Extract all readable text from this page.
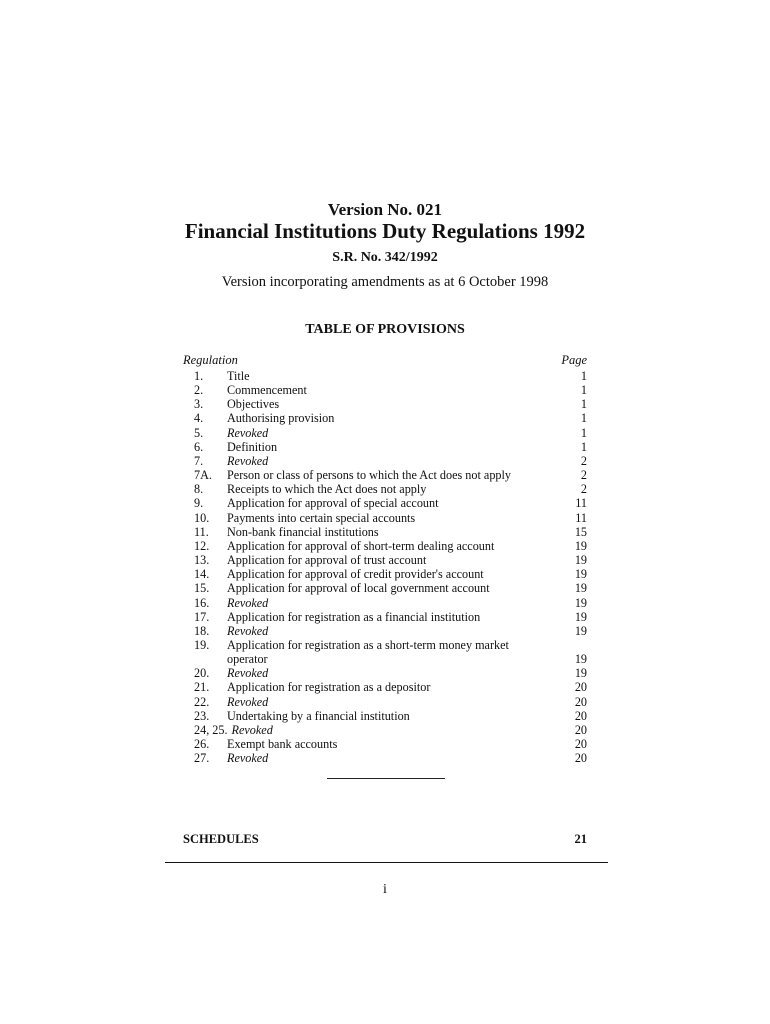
Version No. 021
Financial Institutions Duty Regulations 1992
S.R. No. 342/1992
Version incorporating amendments as at 6 October 1998
TABLE OF PROVISIONS
Regulation	Page
1.	Title	1
2.	Commencement	1
3.	Objectives	1
4.	Authorising provision	1
5.	Revoked	1
6.	Definition	1
7.	Revoked	2
7A.	Person or class of persons to which the Act does not apply	2
8.	Receipts to which the Act does not apply	2
9.	Application for approval of special account	11
10.	Payments into certain special accounts	11
11.	Non-bank financial institutions	15
12.	Application for approval of short-term dealing account	19
13.	Application for approval of trust account	19
14.	Application for approval of credit provider's account	19
15.	Application for approval of local government account	19
16.	Revoked	19
17.	Application for registration as a financial institution	19
18.	Revoked	19
19.	Application for registration as a short-term money market operator	19
20.	Revoked	19
21.	Application for registration as a depositor	20
22.	Revoked	20
23.	Undertaking by a financial institution	20
24, 25. Revoked	20
26.	Exempt bank accounts	20
27.	Revoked	20
SCHEDULES	21
i
